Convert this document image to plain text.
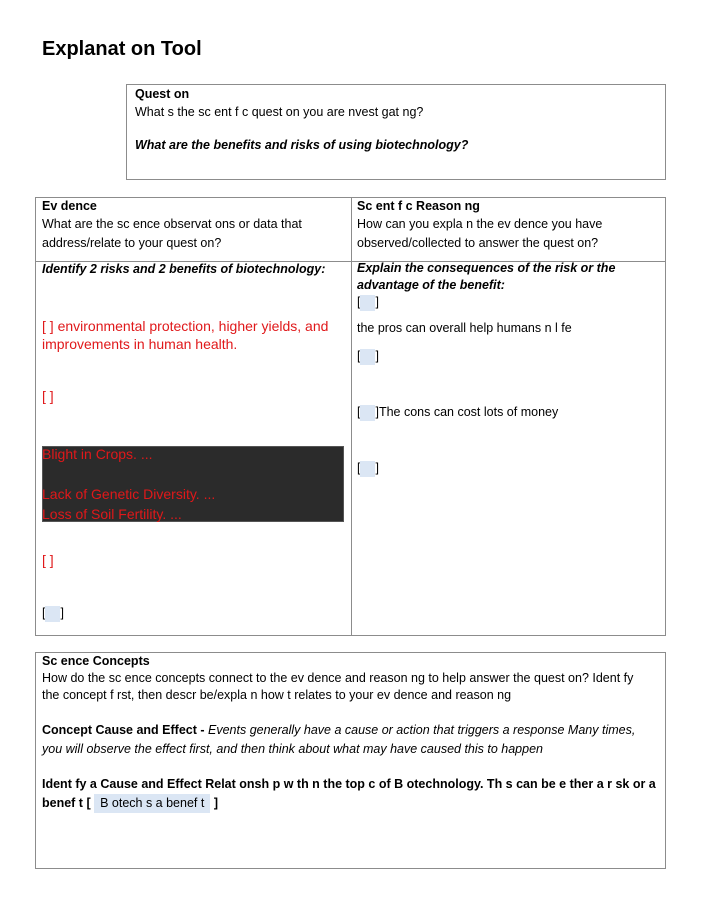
Explanat on Tool
Quest on
What s the sc ent f c quest on you are nvest gat ng?
What are the benefits and risks of using biotechnology?
Ev dence
What are the sc ence observat ons or data that
address/relate to your quest on?
Sc ent f c Reason ng
How can you expla n the ev dence you have
observed/collected to answer the quest on?
Identify 2 risks and 2 benefits of biotechnology:
[ ] environmental protection, higher yields, and
improvements in human health.
[ ]
Blight in Crops. ...
Lack of Genetic Diversity. ...
Loss of Soil Fertility. ...
[ ]
[ ]
Explain the consequences of the risk or the
advantage of the benefit:
[ ]
the pros can overall help humans n l fe
[ ]
[ ]The cons can cost lots of money
[ ]
Sc ence Concepts
How do the sc ence concepts connect to the ev dence and reason ng to help answer the quest on? Ident fy
the concept f rst, then descr be/expla n how t relates to your ev dence and reason ng
Concept Cause and Effect - Events generally have a cause or action that triggers a response Many times,
you will observe the effect first, and then think about what may have caused this to happen
Ident fy a Cause and Effect Relat onsh p w th n the top c of B otechnology. Th s can be e ther a r sk or a
benef t [ B otech s a benef t ]
